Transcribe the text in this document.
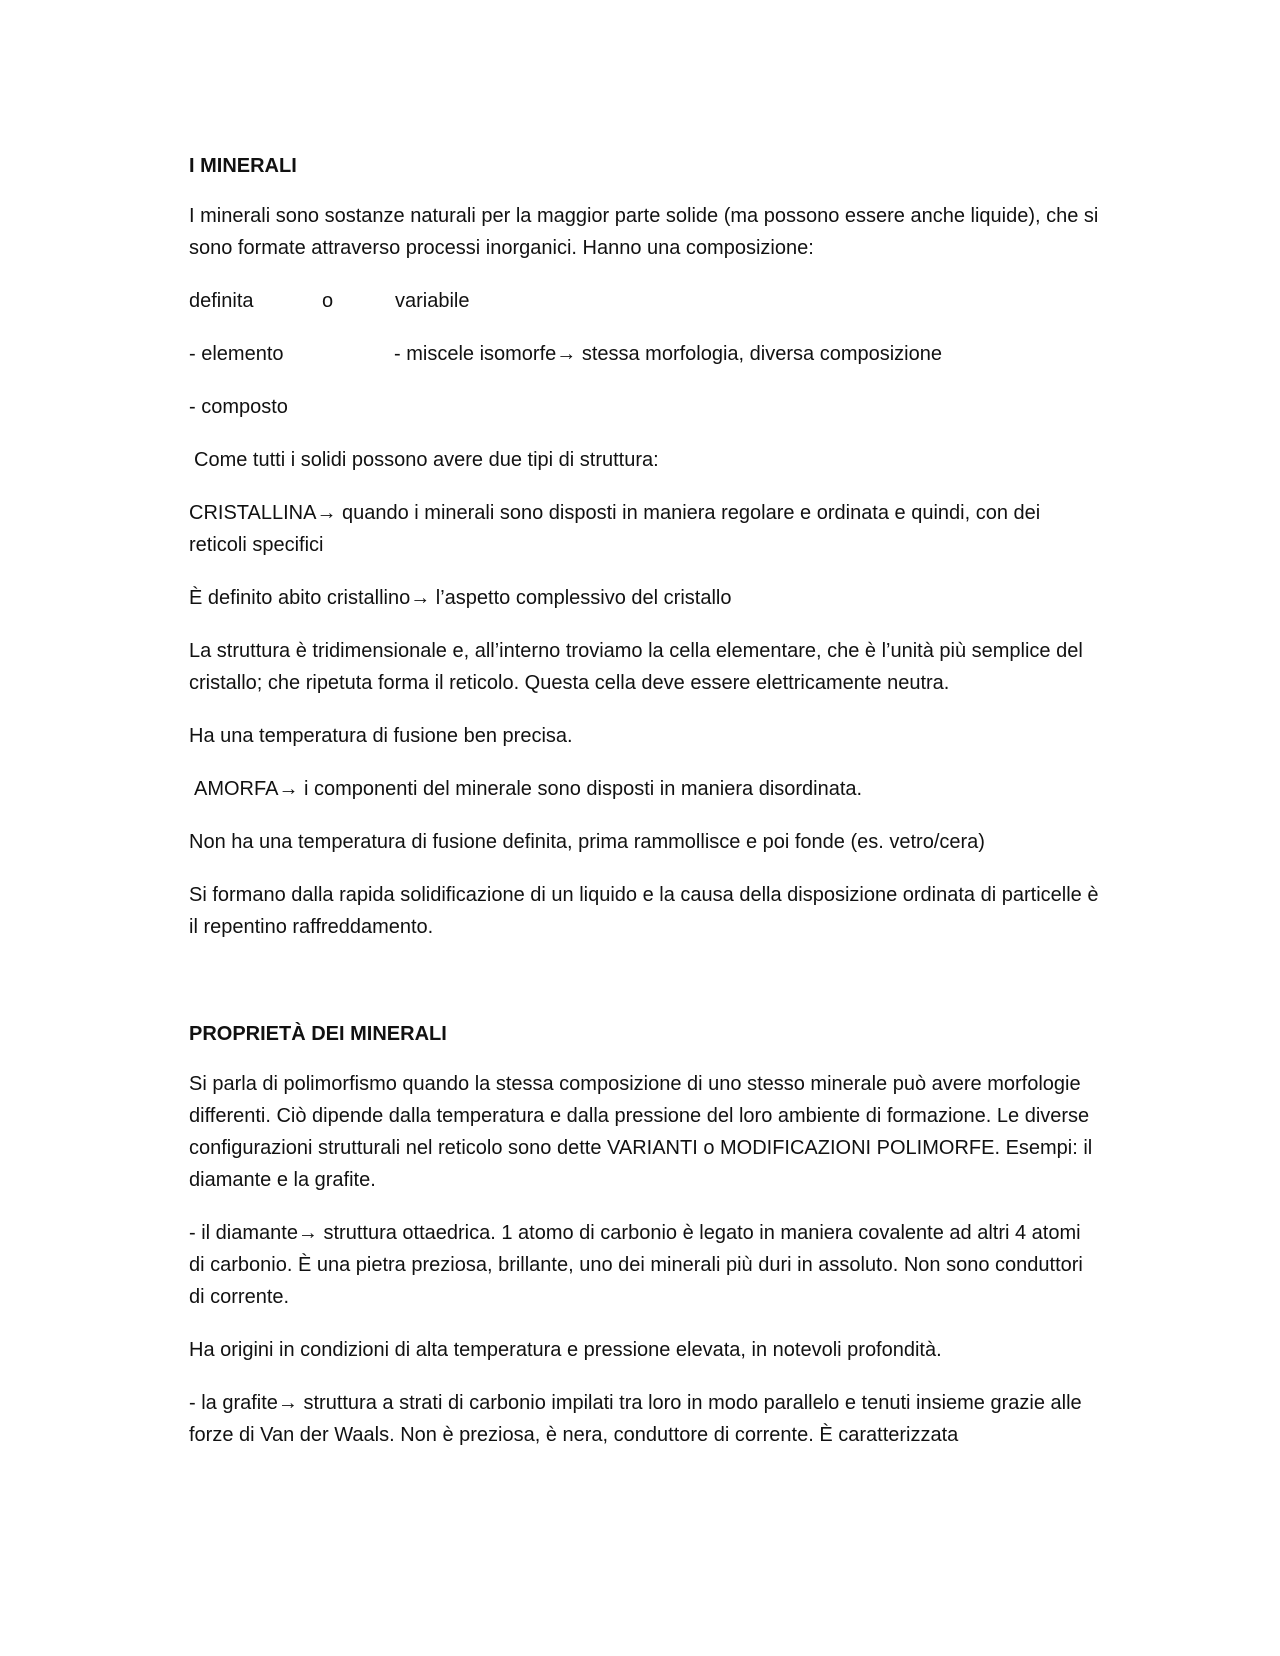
I MINERALI

I minerali sono sostanze naturali per la maggior parte solide (ma possono essere anche liquide), che si sono formate attraverso processi inorganici. Hanno una composizione:

definita	o	variabile
- elemento	- miscele isomorfe→ stessa morfologia, diversa composizione

- composto

Come tutti i solidi possono avere due tipi di struttura:

CRISTALLINA→ quando i minerali sono disposti in maniera regolare e ordinata e quindi, con dei reticoli specifici

È definito abito cristallino→ l’aspetto complessivo del cristallo

La struttura è tridimensionale e, all’interno troviamo la cella elementare, che è l’unità più semplice del cristallo; che ripetuta forma il reticolo. Questa cella deve essere elettricamente neutra.

Ha una temperatura di fusione ben precisa.

AMORFA→ i componenti del minerale sono disposti in maniera disordinata.

Non ha una temperatura di fusione definita, prima rammollisce e poi fonde (es. vetro/cera)

Si formano dalla rapida solidificazione di un liquido e la causa della disposizione ordinata di particelle è il repentino raffreddamento.

PROPRIETÀ DEI MINERALI

Si parla di polimorfismo quando la stessa composizione di uno stesso minerale può avere morfologie differenti. Ciò dipende dalla temperatura e dalla pressione del loro ambiente di formazione. Le diverse configurazioni strutturali nel reticolo sono dette VARIANTI o MODIFICAZIONI POLIMORFE. Esempi: il diamante e la grafite.

- il diamante→ struttura ottaedrica. 1 atomo di carbonio è legato in maniera covalente ad altri 4 atomi di carbonio. È una pietra preziosa, brillante, uno dei minerali più duri in assoluto. Non sono conduttori di corrente.

Ha origini in condizioni di alta temperatura e pressione elevata, in notevoli profondità.

- la grafite→ struttura a strati di carbonio impilati tra loro in modo parallelo e tenuti insieme grazie alle forze di Van der Waals. Non è preziosa, è nera, conduttore di corrente. È caratterizzata
